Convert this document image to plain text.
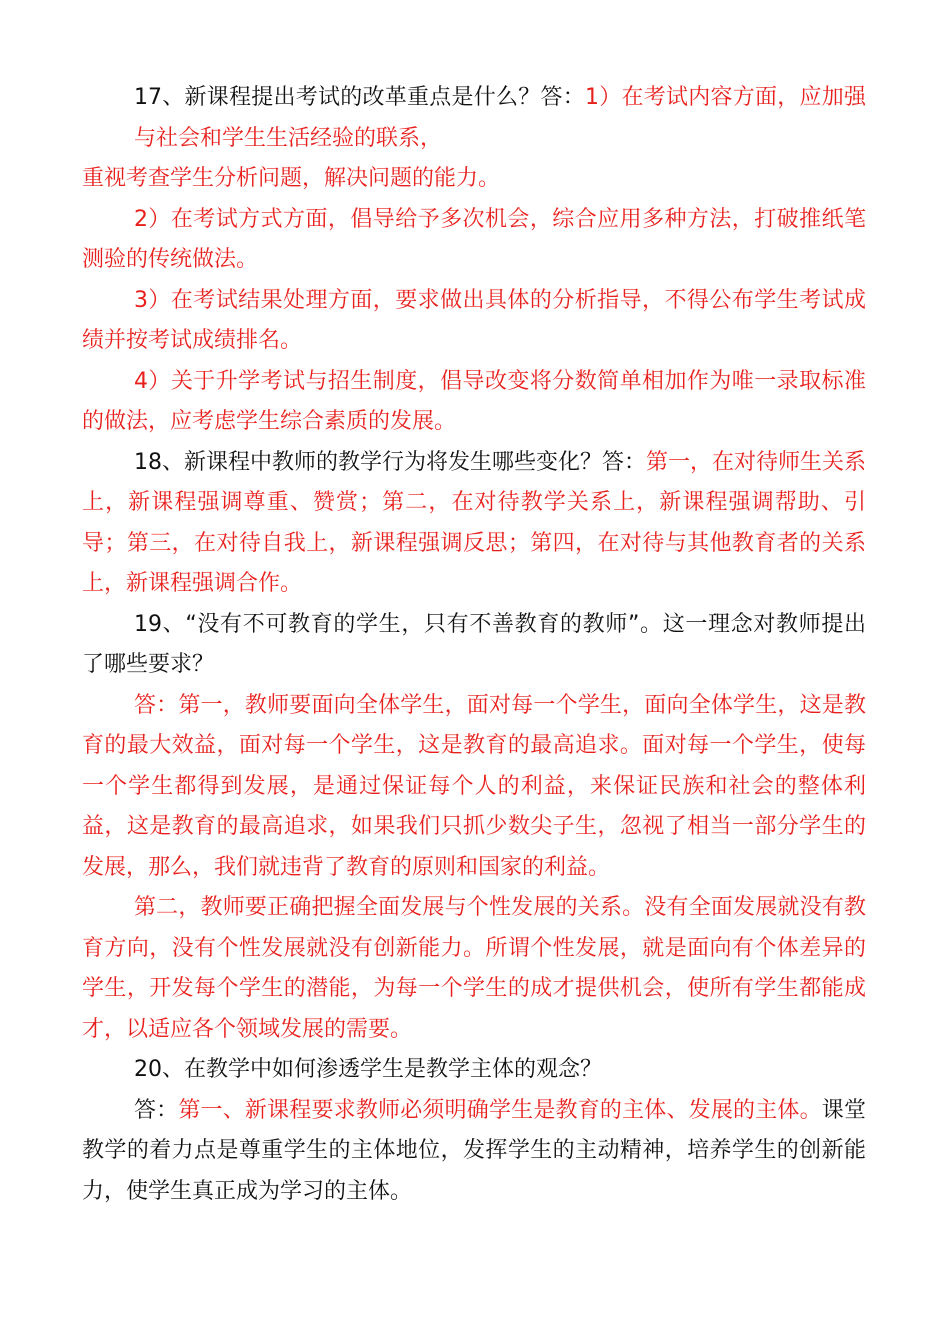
17、新课程提出考试的改革重点是什么？答：1）在考试内容方面，应加强与社会和学生生活经验的联系，

重视考查学生分析问题，解决问题的能力。

2）在考试方式方面，倡导给予多次机会，综合应用多种方法，打破推纸笔测验的传统做法。

3）在考试结果处理方面，要求做出具体的分析指导，不得公布学生考试成绩并按考试成绩排名。

4）关于升学考试与招生制度，倡导改变将分数简单相加作为唯一录取标准的做法，应考虑学生综合素质的发展。

18、新课程中教师的教学行为将发生哪些变化？答：第一，在对待师生关系上，新课程强调尊重、赞赏；第二，在对待教学关系上，新课程强调帮助、引导；第三，在对待自我上，新课程强调反思；第四，在对待与其他教育者的关系上，新课程强调合作。

19、“没有不可教育的学生，只有不善教育的教师”。这一理念对教师提出了哪些要求？

答：第一，教师要面向全体学生，面对每一个学生，面向全体学生，这是教育的最大效益，面对每一个学生，这是教育的最高追求。面对每一个学生，使每一个学生都得到发展，是通过保证每个人的利益，来保证民族和社会的整体利益，这是教育的最高追求，如果我们只抓少数尖子生，忽视了相当一部分学生的发展，那么，我们就违背了教育的原则和国家的利益。

第二，教师要正确把握全面发展与个性发展的关系。没有全面发展就没有教育方向，没有个性发展就没有创新能力。所谓个性发展，就是面向有个体差异的学生，开发每个学生的潜能，为每一个学生的成才提供机会，使所有学生都能成才，以适应各个领域发展的需要。

20、在教学中如何渗透学生是教学主体的观念？

答：第一、新课程要求教师必须明确学生是教育的主体、发展的主体。课堂教学的着力点是尊重学生的主体地位，发挥学生的主动精神，培养学生的创新能力，使学生真正成为学习的主体。
